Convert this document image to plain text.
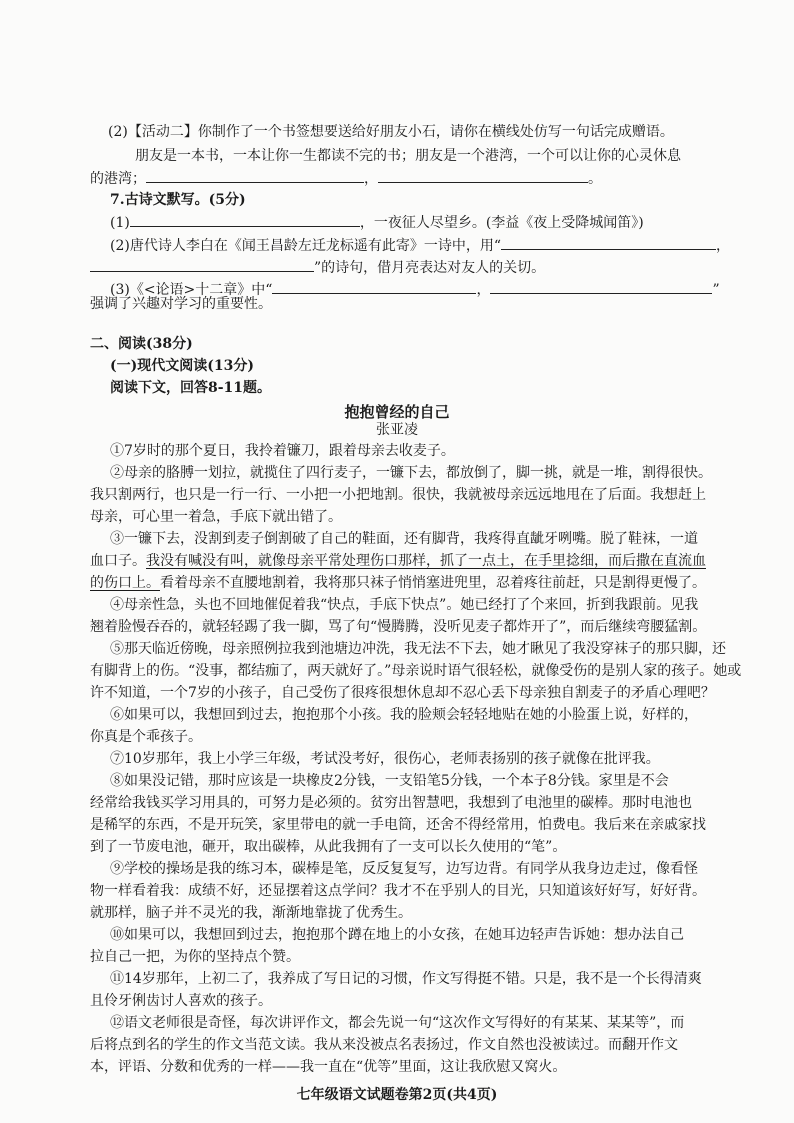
(2)【活动二】你制作了一个书签想要送给好朋友小石，请你在横线处仿写一句话完成赠语。
朋友是一本书，一本让你一生都读不完的书；朋友是一个港湾，一个可以让你的心灵休息
的港湾；	，	。
7.古诗文默写。(5分)
(1)	，一夜征人尽望乡。(李益《夜上受降城闻笛》)
(2)唐代诗人李白在《闻王昌龄左迁龙标遥有此寄》一诗中，用“	，
”的诗句，借月亮表达对友人的关切。
(3)《<论语>十二章》中“	，	”
强调了兴趣对学习的重要性。
二、阅读(38分)
(一)现代文阅读(13分)
阅读下文，回答8-11题。
抱抱曾经的自己
张亚凌
①7岁时的那个夏日，我拎着镰刀，跟着母亲去收麦子。
②母亲的胳膊一划拉，就揽住了四行麦子，一镰下去，都放倒了，脚一挑，就是一堆，割得很快。
我只割两行，也只是一行一行、一小把一小把地割。很快，我就被母亲远远地甩在了后面。我想赶上
母亲，可心里一着急，手底下就出错了。
③一镰下去，没割到麦子倒割破了自己的鞋面，还有脚背，我疼得直龇牙咧嘴。脱了鞋袜，一道
血口子。我没有喊没有叫，就像母亲平常处理伤口那样，抓了一点土，在手里捻细，而后撒在直流血
的伤口上。看着母亲不直腰地割着，我将那只袜子悄悄塞进兜里，忍着疼往前赶，只是割得更慢了。
④母亲性急，头也不回地催促着我“快点，手底下快点”。她已经打了个来回，折到我跟前。见我
翘着脸慢吞吞的，就轻轻踢了我一脚，骂了句“慢腾腾，没听见麦子都炸开了”，而后继续弯腰猛割。
⑤那天临近傍晚，母亲照例拉我到池塘边冲洗，我无法不下去，她才瞅见了我没穿袜子的那只脚，还
有脚背上的伤。“没事，都结痂了，两天就好了。”母亲说时语气很轻松，就像受伤的是别人家的孩子。她或
许不知道，一个7岁的小孩子，自己受伤了很疼很想休息却不忍心丢下母亲独自割麦子的矛盾心理吧？
⑥如果可以，我想回到过去，抱抱那个小孩。我的脸颊会轻轻地贴在她的小脸蛋上说，好样的，
你真是个乖孩子。
⑦10岁那年，我上小学三年级，考试没考好，很伤心，老师表扬别的孩子就像在批评我。
⑧如果没记错，那时应该是一块橡皮2分钱，一支铅笔5分钱，一个本子8分钱。家里是不会
经常给我钱买学习用具的，可努力是必须的。贫穷出智慧吧，我想到了电池里的碳棒。那时电池也
是稀罕的东西，不是开玩笑，家里带电的就一手电筒，还舍不得经常用，怕费电。我后来在亲戚家找
到了一节废电池，砸开，取出碳棒，从此我拥有了一支可以长久使用的“笔”。
⑨学校的操场是我的练习本，碳棒是笔，反反复复写，边写边背。有同学从我身边走过，像看怪
物一样看着我：成绩不好，还显摆着这点学问？我才不在乎别人的目光，只知道该好好写，好好背。
就那样，脑子并不灵光的我，渐渐地靠拢了优秀生。
⑩如果可以，我想回到过去，抱抱那个蹲在地上的小女孩，在她耳边轻声告诉她：想办法自己
拉自己一把，为你的坚持点个赞。
⑪14岁那年，上初二了，我养成了写日记的习惯，作文写得挺不错。只是，我不是一个长得清爽
且伶牙俐齿讨人喜欢的孩子。
⑫语文老师很是奇怪，每次讲评作文，都会先说一句“这次作文写得好的有某某、某某等”，而
后将点到名的学生的作文当范文读。我从来没被点名表扬过，作文自然也没被读过。而翻开作文
本，评语、分数和优秀的一样——我一直在“优等”里面，这让我欣慰又窝火。
七年级语文试题卷第2页(共4页)
